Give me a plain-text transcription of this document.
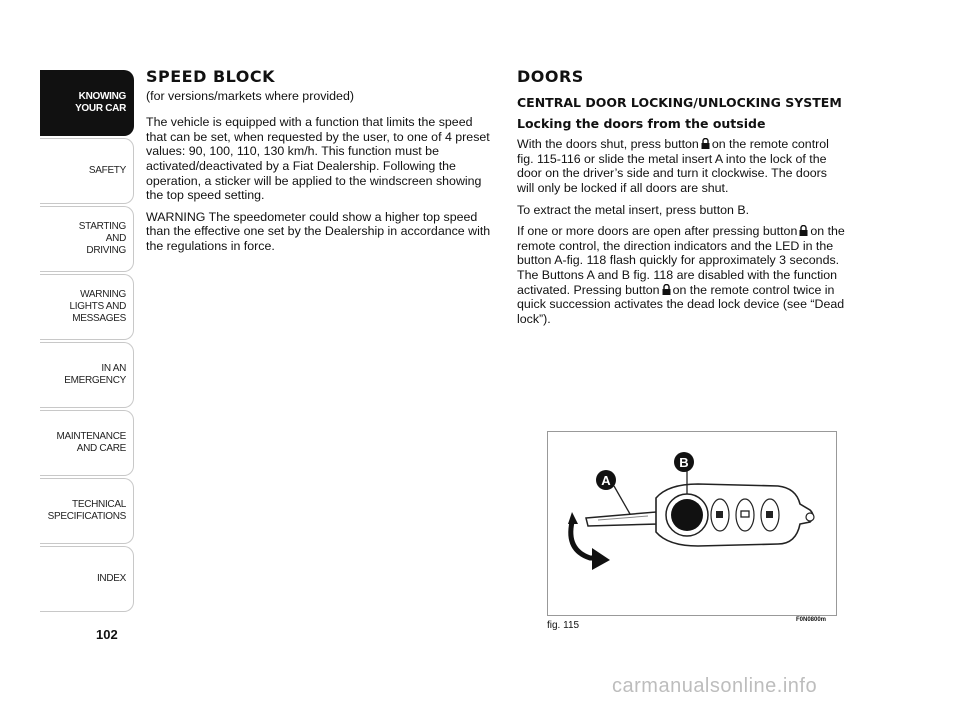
KNOWING
YOUR CAR
SAFETY
STARTING
AND
DRIVING
WARNING
LIGHTS AND
MESSAGES
IN AN
EMERGENCY
MAINTENANCE
AND CARE
TECHNICAL
SPECIFICATIONS
INDEX
102
SPEED BLOCK

(for versions/markets where provided)

The vehicle is equipped with a function that limits the speed that can be set, when requested by the user, to one of 4 preset values: 90, 100, 110, 130 km/h. This function must be activated/deactivated by a Fiat Dealership. Following the operation, a sticker will be applied to the windscreen showing the top speed setting.

WARNING The speedometer could show a higher top speed than the effective one set by the Dealership in accordance with the regulations in force.

DOORS
CENTRAL DOOR LOCKING/UNLOCKING SYSTEM
Locking the doors from the outside

With the doors shut, press button on the remote control fig. 115-116 or slide the metal insert A into the lock of the door on the driver’s side and turn it clockwise. The doors will only be locked if all doors are shut.

To extract the metal insert, press button B.

If one or more doors are open after pressing button on the remote control, the direction indicators and the LED in the button A-fig. 118 flash quickly for approximately 3 seconds. The Buttons A and B fig. 118 are disabled with the function activated. Pressing button on the remote control twice in quick succession activates the dead lock device (see “Dead lock”).

B
A
fig. 115	F0N0800m
carmanualsonline.info
